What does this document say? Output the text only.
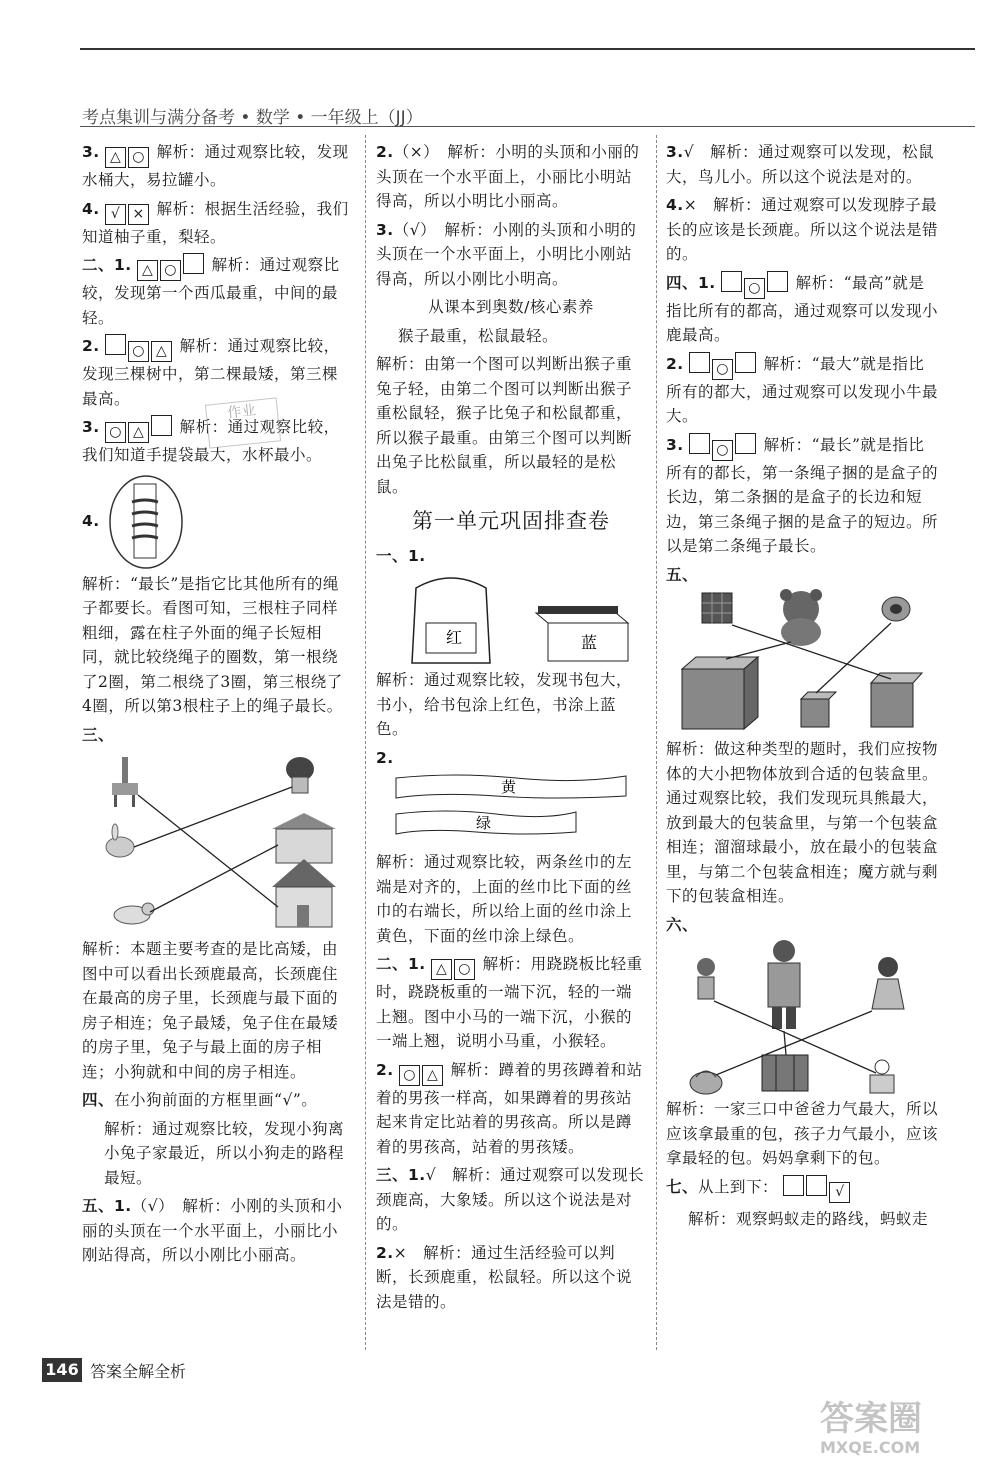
考点集训与满分备考 • 数学 • 一年级上（JJ）
3. △ ○ 解析：通过观察比较，发现水桶大，易拉罐小。
4. √ × 解析：根据生活经验，我们知道柚子重，梨轻。
二、1. △ ○ 解析：通过观察比较，发现第一个西瓜最重，中间的最轻。
2. ○ △ 解析：通过观察比较，发现三棵树中，第二棵最矮，第三棵最高。
3. ○ △ 解析：通过观察比较，我们知道手提袋最大，水杯最小。
作业
4.
解析：“最长”是指它比其他所有的绳子都要长。看图可知，三根柱子同样粗细，露在柱子外面的绳子长短相同，就比较绕绳子的圈数，第一根绕了2圈，第二根绕了3圈，第三根绕了4圈，所以第3根柱子上的绳子最长。
三、
解析：本题主要考查的是比高矮，由图中可以看出长颈鹿最高，长颈鹿住在最高的房子里，长颈鹿与最下面的房子相连；兔子最矮，兔子住在最矮的房子里，兔子与最上面的房子相连；小狗就和中间的房子相连。
四、在小狗前面的方框里画“√”。
解析：通过观察比较，发现小狗离小兔子家最近，所以小狗走的路程最短。
五、1.（√）　解析：小刚的头顶和小丽的头顶在一个水平面上，小丽比小刚站得高，所以小刚比小丽高。
2.（×）　解析：小明的头顶和小丽的头顶在一个水平面上，小丽比小明站得高，所以小明比小丽高。
3.（√）　解析：小刚的头顶和小明的头顶在一个水平面上，小明比小刚站得高，所以小刚比小明高。
从课本到奥数/核心素养
猴子最重，松鼠最轻。
解析：由第一个图可以判断出猴子重兔子轻，由第二个图可以判断出猴子重松鼠轻，猴子比兔子和松鼠都重，所以猴子最重。由第三个图可以判断出兔子比松鼠重，所以最轻的是松鼠。
第一单元巩固排查卷
一、1.
红	蓝
解析：通过观察比较，发现书包大，书小，给书包涂上红色，书涂上蓝色。
2.
黄
绿
解析：通过观察比较，两条丝巾的左端是对齐的，上面的丝巾比下面的丝巾的右端长，所以给上面的丝巾涂上黄色，下面的丝巾涂上绿色。
二、1. △ ○ 解析：用跷跷板比轻重时，跷跷板重的一端下沉，轻的一端上翘。图中小马的一端下沉，小猴的一端上翘，说明小马重，小猴轻。
2. ○ △ 解析：蹲着的男孩蹲着和站着的男孩一样高，如果蹲着的男孩站起来肯定比站着的男孩高。所以是蹲着的男孩高，站着的男孩矮。
三、1.√　解析：通过观察可以发现长颈鹿高，大象矮。所以这个说法是对的。
2.×　解析：通过生活经验可以判断，长颈鹿重，松鼠轻。所以这个说法是错的。
3.√　解析：通过观察可以发现，松鼠大，鸟儿小。所以这个说法是对的。
4.×　解析：通过观察可以发现脖子最长的应该是长颈鹿。所以这个说法是错的。
四、1. ○ 解析：“最高”就是指比所有的都高，通过观察可以发现小鹿最高。
2. ○ 解析：“最大”就是指比所有的都大，通过观察可以发现小牛最大。
3. ○ 解析：“最长”就是指比所有的都长，第一条绳子捆的是盒子的长边，第二条捆的是盒子的长边和短边，第三条绳子捆的是盒子的短边。所以是第二条绳子最长。
五、
解析：做这种类型的题时，我们应按物体的大小把物体放到合适的包装盒里。通过观察比较，我们发现玩具熊最大，放到最大的包装盒里，与第一个包装盒相连；溜溜球最小，放在最小的包装盒里，与第二个包装盒相连；魔方就与剩下的包装盒相连。
六、
解析：一家三口中爸爸力气最大，所以应该拿最重的包，孩子力气最小，应该拿最轻的包。妈妈拿剩下的包。
七、从上到下：	√
解析：观察蚂蚁走的路线，蚂蚁走
146 答案全解全析
答案圈
MXQE.COM
